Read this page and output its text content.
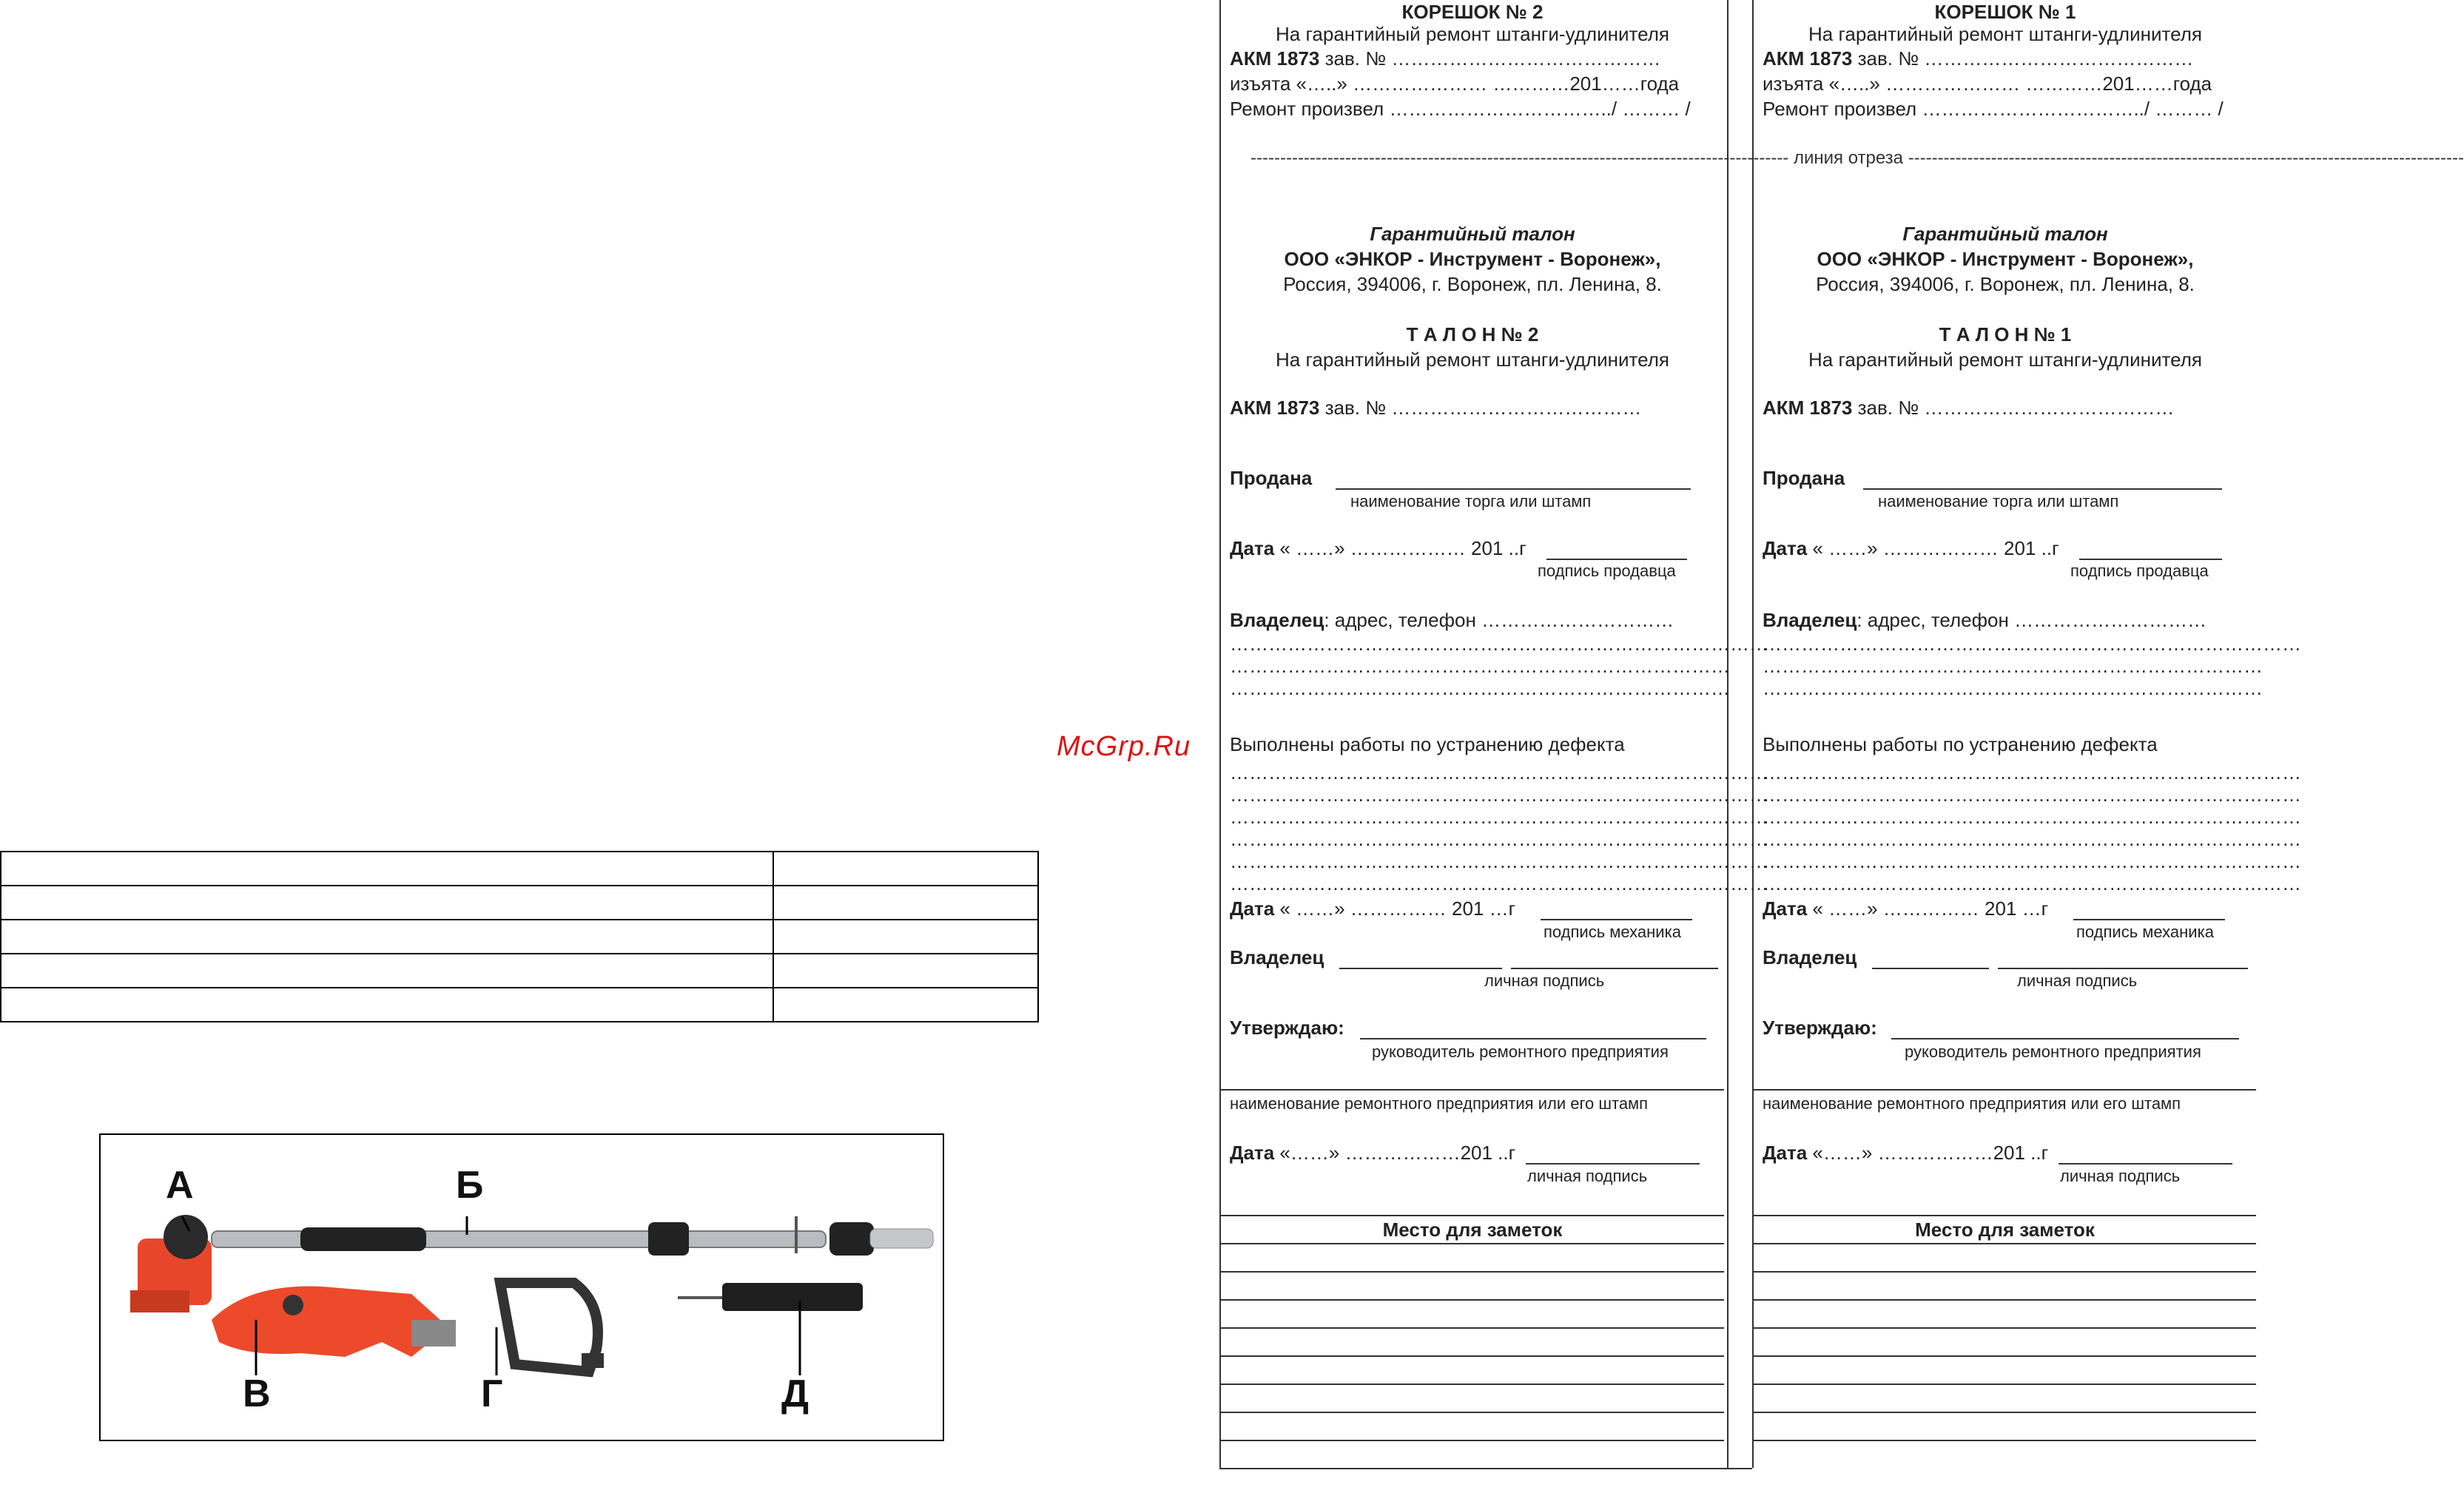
А	Б
В	Г	Д
McGrp.Ru
------------------------------------------------------------------------------------------- линия отреза ----------------------------------------------------------------------------------------------
КОРЕШОК № 2
На гарантийный ремонт штанги-удлинителя
АКМ 1873 зав. № ……………………………………
изъята «…..» ………………… …………201……года
Ремонт произвел ……………………………../ ……… /
Гарантийный талон
ООО «ЭНКОР - Инструмент - Воронеж»,
Россия, 394006, г. Воронеж, пл. Ленина, 8.
Т А Л О Н № 2
На гарантийный ремонт штанги-удлинителя
АКМ 1873 зав. № …………………………………
Продана
наименование торга или штамп
Дата « ……» ……………… 201 ..г
подпись продавца
Владелец: адрес, телефон …………………………
…………………………………………………………………………
……………………………………………………………………
……………………………………………………………………
Выполнены работы по устранению дефекта
…………………………………………………………………………
…………………………………………………………………………
…………………………………………………………………………
…………………………………………………………………………
…………………………………………………………………………
…………………………………………………………………………
Дата « ……» …………… 201 …г
подпись механика
Владелец
личная подпись
Утверждаю:
руководитель ремонтного предприятия
наименование ремонтного предприятия или его штамп
Дата «……» ………………201 ..г
личная подпись
Место для заметок

КОРЕШОК № 1
На гарантийный ремонт штанги-удлинителя
АКМ 1873 зав. № ……………………………………
изъята «…..» ………………… …………201……года
Ремонт произвел ……………………………../ ……… /
Гарантийный талон
ООО «ЭНКОР - Инструмент - Воронеж»,
Россия, 394006, г. Воронеж, пл. Ленина, 8.
Т А Л О Н № 1
На гарантийный ремонт штанги-удлинителя
АКМ 1873 зав. № …………………………………
Продана
наименование торга или штамп
Дата « ……» ……………… 201 ..г
подпись продавца
Владелец: адрес, телефон …………………………
…………………………………………………………………………
……………………………………………………………………
……………………………………………………………………
Выполнены работы по устранению дефекта
…………………………………………………………………………
…………………………………………………………………………
…………………………………………………………………………
…………………………………………………………………………
…………………………………………………………………………
…………………………………………………………………………
Дата « ……» …………… 201 …г
подпись механика
Владелец
личная подпись
Утверждаю:
руководитель ремонтного предприятия
наименование ремонтного предприятия или его штамп
Дата «……» ………………201 ..г
личная подпись
Место для заметок
